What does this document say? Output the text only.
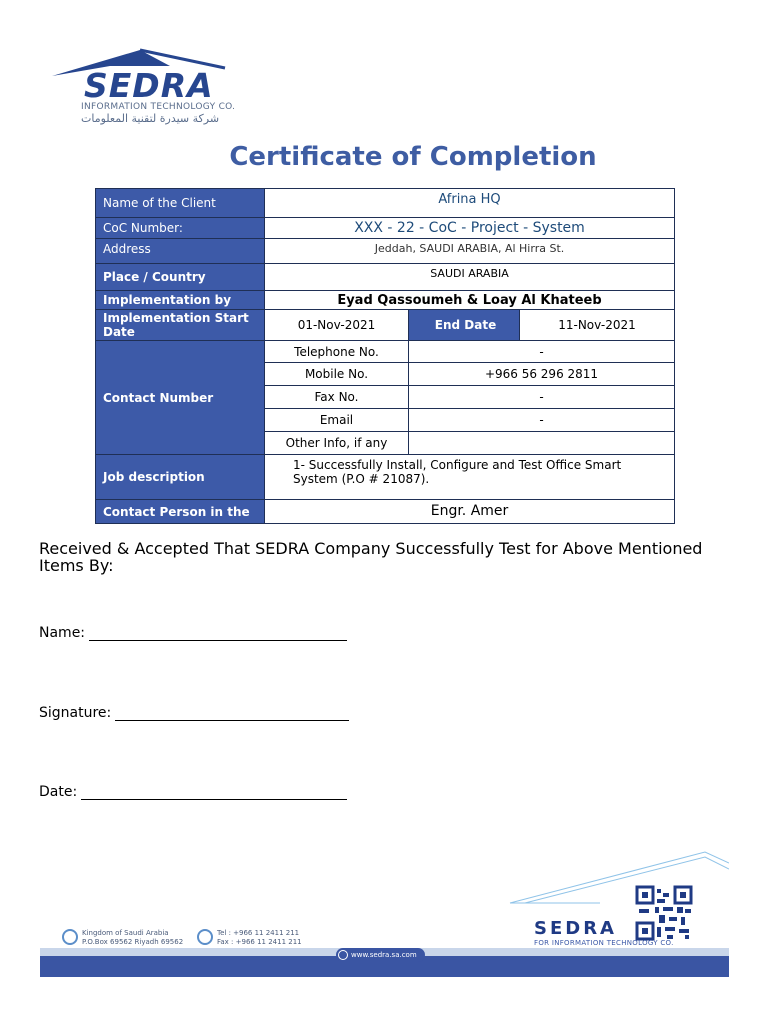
SEDRA
INFORMATION TECHNOLOGY CO.
شركة سيدرة لتقنية المعلومات
Certificate of Completion
Name of the Client	Afrina HQ		
CoC Number:	XXX - 22 - CoC - Project - System		
Address	Jeddah, SAUDI ARABIA, Al Hirra St.		
Place / Country	SAUDI ARABIA		
Implementation by	Eyad Qassoumeh & Loay Al Khateeb		
Implementation Start Date	01-Nov-2021	End Date	11-Nov-2021
Contact Number	Telephone No.	-	
	Mobile No.	+966 56 296 2811	
	Fax No.	-	
	Email	-	
	Other Info, if any		
Job description	1- Successfully Install, Configure and Test Office Smart System (P.O # 21087).		
Contact Person in the	Engr. Amer		
Received & Accepted That SEDRA Company Successfully Test for Above Mentioned Items By:
Name:
Signature:
Date:
Kingdom of Saudi Arabia
P.O.Box 69562 Riyadh 69562
Tel : +966 11 2411 211
Fax : +966 11 2411 211
SEDRA
FOR INFORMATION TECHNOLOGY CO.
www.sedra.sa.com
